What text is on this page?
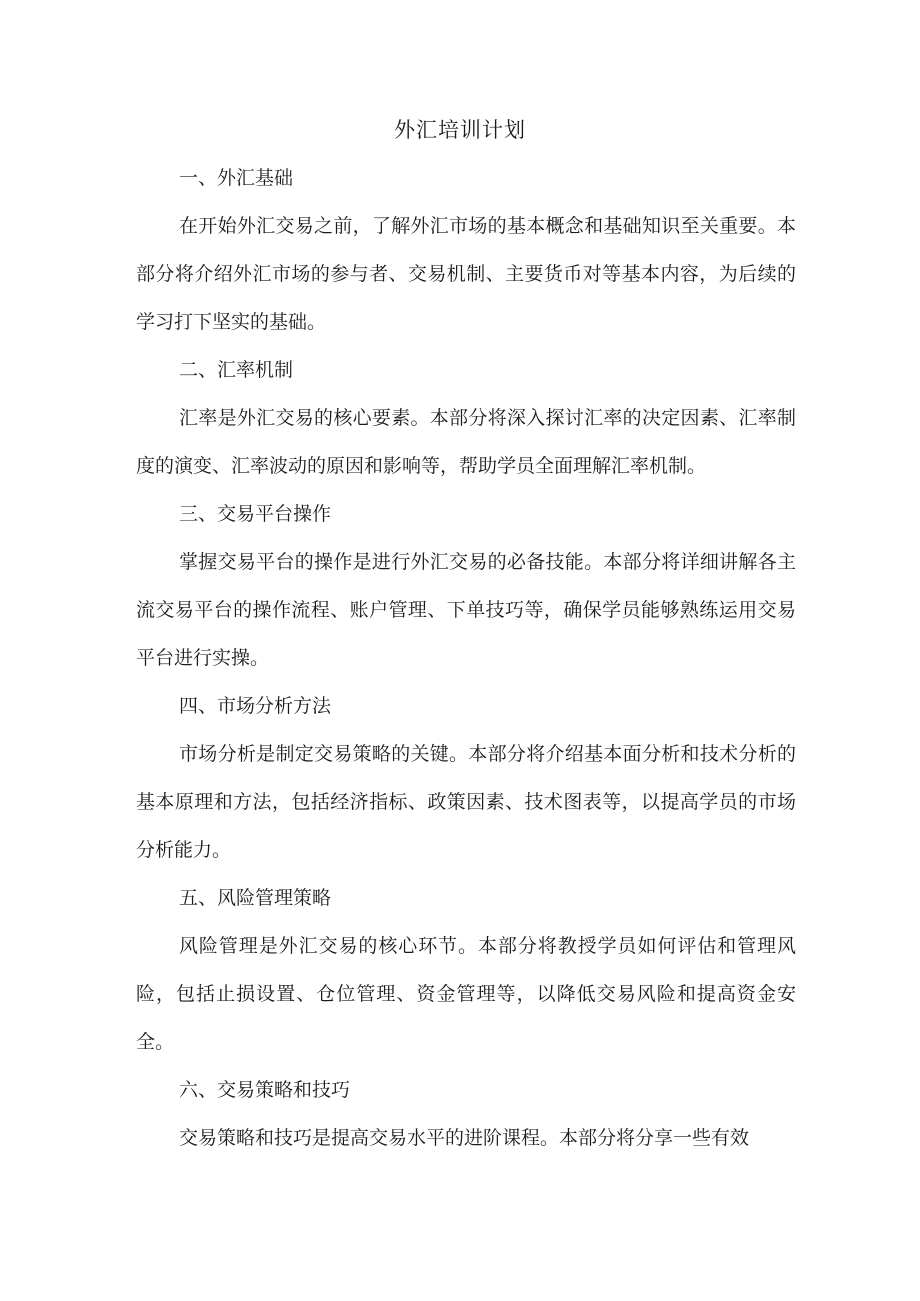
外汇培训计划

一、外汇基础

在开始外汇交易之前，了解外汇市场的基本概念和基础知识至关重要。本部分将介绍外汇市场的参与者、交易机制、主要货币对等基本内容，为后续的学习打下坚实的基础。

二、汇率机制

汇率是外汇交易的核心要素。本部分将深入探讨汇率的决定因素、汇率制度的演变、汇率波动的原因和影响等，帮助学员全面理解汇率机制。

三、交易平台操作

掌握交易平台的操作是进行外汇交易的必备技能。本部分将详细讲解各主流交易平台的操作流程、账户管理、下单技巧等，确保学员能够熟练运用交易平台进行实操。

四、市场分析方法

市场分析是制定交易策略的关键。本部分将介绍基本面分析和技术分析的基本原理和方法，包括经济指标、政策因素、技术图表等，以提高学员的市场分析能力。

五、风险管理策略

风险管理是外汇交易的核心环节。本部分将教授学员如何评估和管理风险，包括止损设置、仓位管理、资金管理等，以降低交易风险和提高资金安全。

六、交易策略和技巧

交易策略和技巧是提高交易水平的进阶课程。本部分将分享一些有效
